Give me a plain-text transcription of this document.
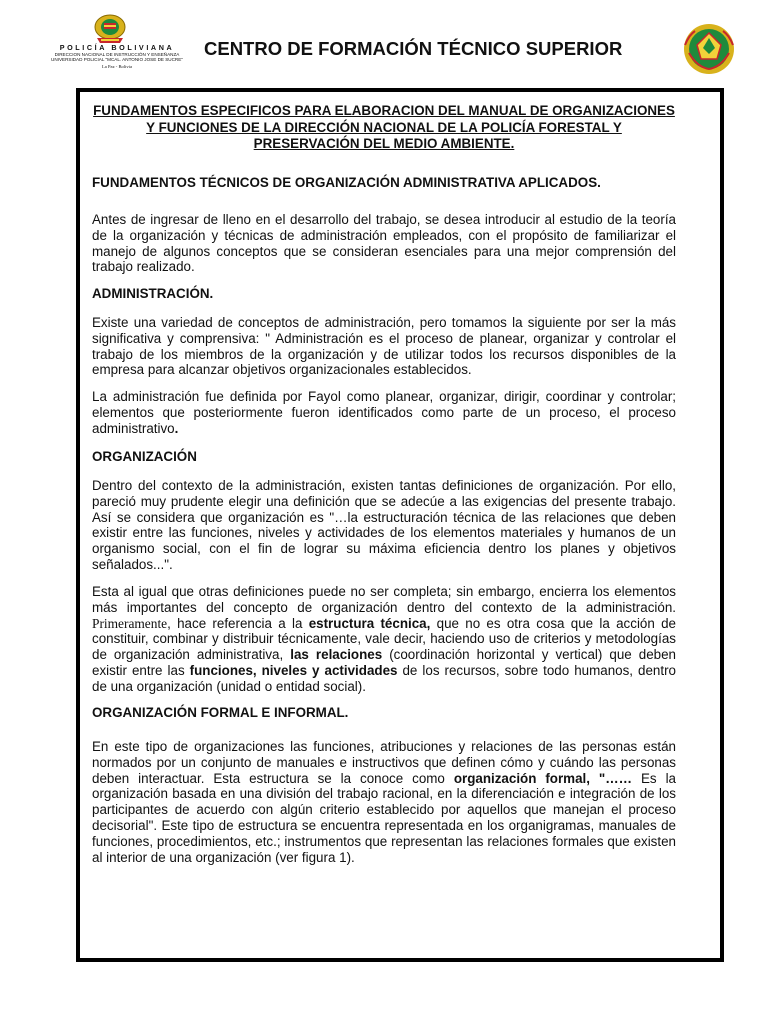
POLICÍA BOLIVIANA
DIRECCION NACIONAL DE INSTRUCCIÓN Y ENSEÑANZA
UNIVERSIDAD POLICIAL "MCAL. ANTONIO JOSE DE SUCRE"
La Paz - Bolivia
CENTRO DE FORMACIÓN TÉCNICO SUPERIOR
FUNDAMENTOS ESPECIFICOS PARA ELABORACION DEL MANUAL DE ORGANIZACIONES Y FUNCIONES DE LA DIRECCIÓN NACIONAL DE LA POLICÍA FORESTAL Y PRESERVACIÓN DEL MEDIO AMBIENTE.
FUNDAMENTOS TÉCNICOS DE ORGANIZACIÓN ADMINISTRATIVA APLICADOS.
Antes de ingresar de lleno en el desarrollo del trabajo, se desea introducir al estudio de la teoría de la organización y técnicas de administración empleados, con el propósito de familiarizar el manejo de algunos conceptos que se consideran esenciales para una mejor comprensión del trabajo realizado.
ADMINISTRACIÓN.
Existe una variedad de conceptos de administración, pero tomamos la siguiente por ser la más significativa y comprensiva: " Administración es el proceso de planear, organizar y controlar el trabajo de los miembros de la organización y de utilizar todos los recursos disponibles de la empresa para alcanzar objetivos organizacionales establecidos.
La administración fue definida por Fayol como planear, organizar, dirigir, coordinar y controlar; elementos que posteriormente fueron identificados como parte de un proceso, el proceso administrativo.
ORGANIZACIÓN
Dentro del contexto de la administración, existen tantas definiciones de organización. Por ello, pareció muy prudente elegir una definición que se adecúe a las exigencias del presente trabajo. Así se considera que organización es "…la estructuración técnica de las relaciones que deben existir entre las funciones, niveles y actividades de los elementos materiales y humanos de un organismo social, con el fin de lograr su máxima eficiencia dentro los planes y objetivos señalados...".
Esta al igual que otras definiciones puede no ser completa; sin embargo, encierra los elementos más importantes del concepto de organización dentro del contexto de la administración. Primeramente, hace referencia a la estructura técnica, que no es otra cosa que la acción de constituir, combinar y distribuir técnicamente, vale decir, haciendo uso de criterios y metodologías de organización administrativa, las relaciones (coordinación horizontal y vertical) que deben existir entre las funciones, niveles y actividades de los recursos, sobre todo humanos, dentro de una organización (unidad o entidad social).
ORGANIZACIÓN FORMAL E INFORMAL.
En este tipo de organizaciones las funciones, atribuciones y relaciones de las personas están normados por un conjunto de manuales e instructivos que definen cómo y cuándo las personas deben interactuar. Esta estructura se la conoce como organización formal, "…… Es la organización basada en una división del trabajo racional, en la diferenciación e integración de los participantes de acuerdo con algún criterio establecido por aquellos que manejan el proceso decisorial". Este tipo de estructura se encuentra representada en los organigramas, manuales de funciones, procedimientos, etc.; instrumentos que representan las relaciones formales que existen al interior de una organización (ver figura 1).
